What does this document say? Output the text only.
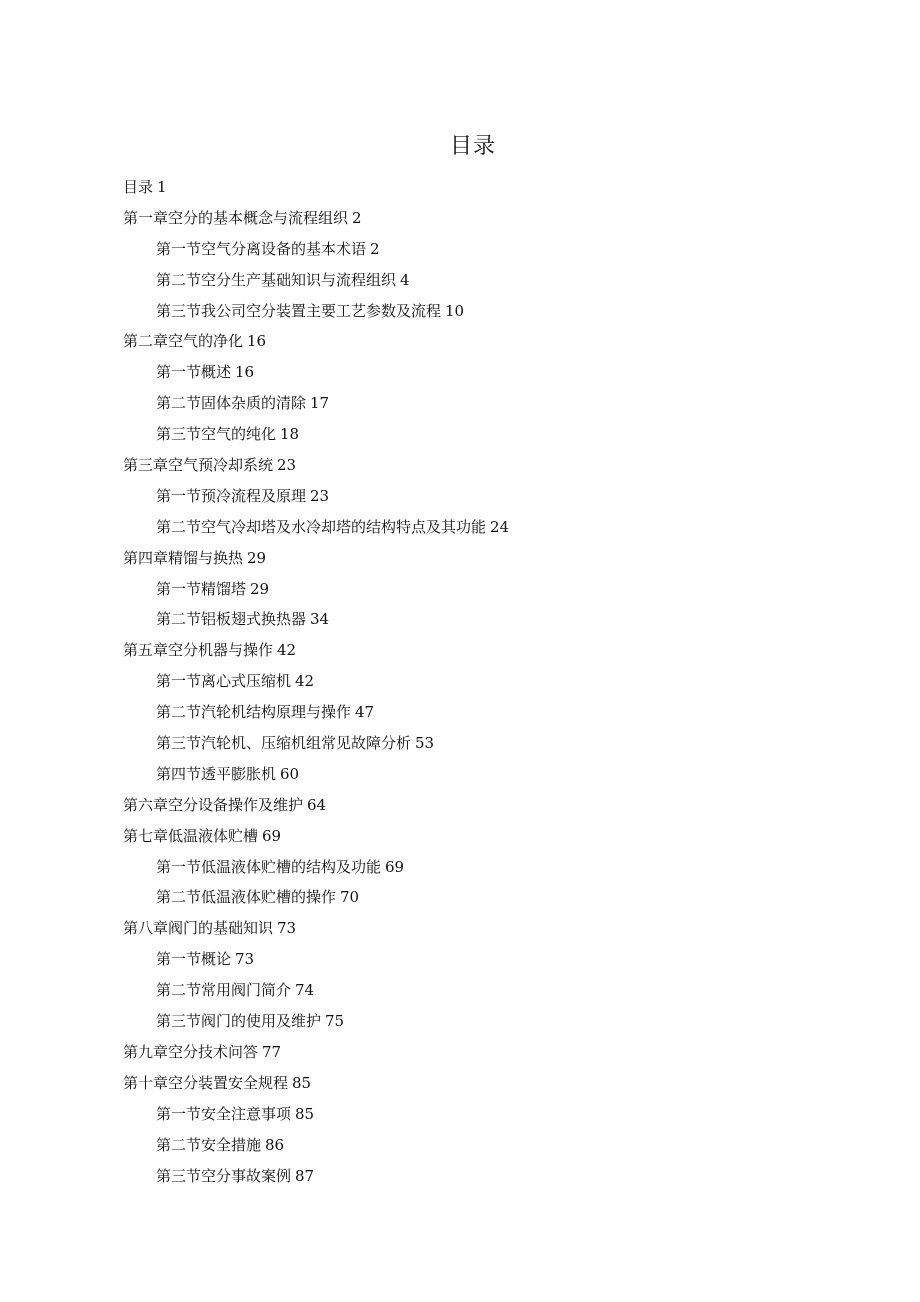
目录
目录 1
第一章空分的基本概念与流程组织 2
第一节空气分离设备的基本术语 2
第二节空分生产基础知识与流程组织 4
第三节我公司空分装置主要工艺参数及流程 10
第二章空气的净化 16
第一节概述 16
第二节固体杂质的清除 17
第三节空气的纯化 18
第三章空气预冷却系统 23
第一节预冷流程及原理 23
第二节空气冷却塔及水冷却塔的结构特点及其功能 24
第四章精馏与换热 29
第一节精馏塔 29
第二节铝板翅式换热器 34
第五章空分机器与操作 42
第一节离心式压缩机 42
第二节汽轮机结构原理与操作 47
第三节汽轮机、压缩机组常见故障分析 53
第四节透平膨胀机 60
第六章空分设备操作及维护 64
第七章低温液体贮槽 69
第一节低温液体贮槽的结构及功能 69
第二节低温液体贮槽的操作 70
第八章阀门的基础知识 73
第一节概论 73
第二节常用阀门简介 74
第三节阀门的使用及维护 75
第九章空分技术问答 77
第十章空分装置安全规程 85
第一节安全注意事项 85
第二节安全措施 86
第三节空分事故案例 87
